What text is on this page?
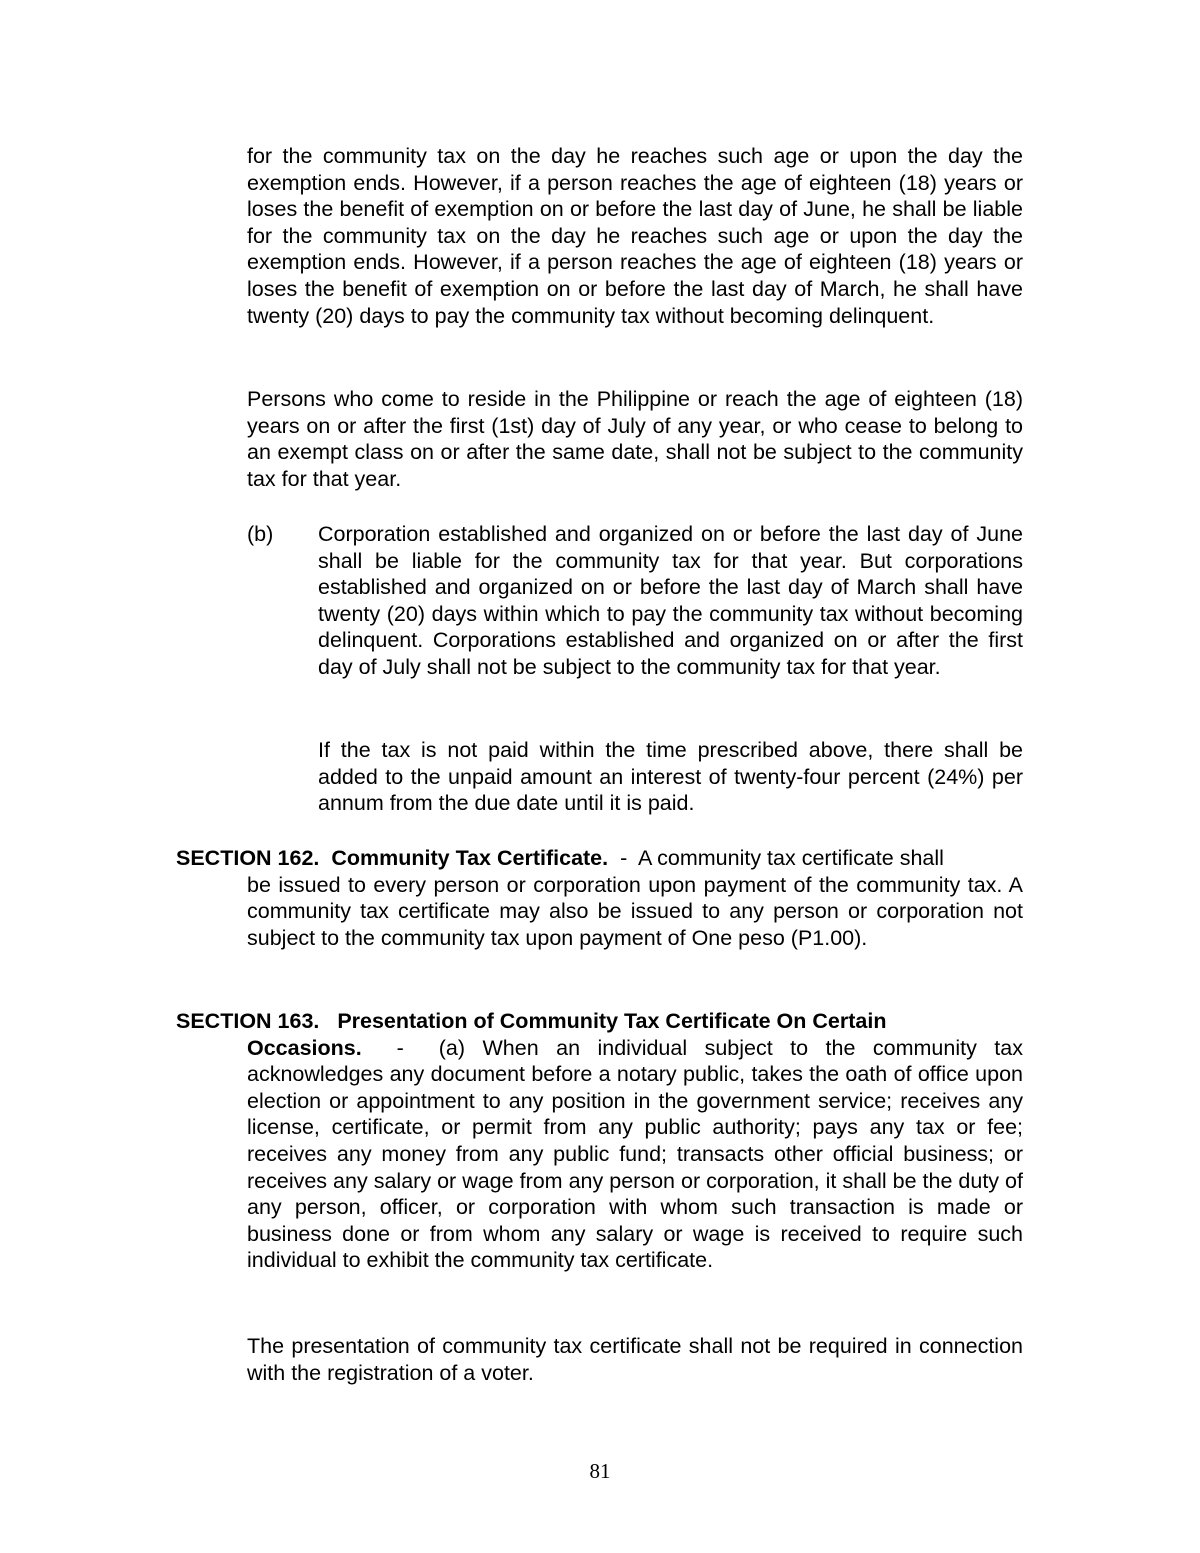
for the community tax on the day he reaches such age or upon the day the exemption ends. However, if a person reaches the age of eighteen (18) years or loses the benefit of exemption on or before the last day of June, he shall be liable for the community tax on the day he reaches such age or upon the day the exemption ends. However, if a person reaches the age of eighteen (18) years or loses the benefit of exemption on or before the last day of March, he shall have twenty (20) days to pay the community tax without becoming delinquent.

Persons who come to reside in the Philippine or reach the age of eighteen (18) years on or after the first (1st) day of July of any year, or who cease to belong to an exempt class on or after the same date, shall not be subject to the community tax for that year.

(b) Corporation established and organized on or before the last day of June shall be liable for the community tax for that year. But corporations established and organized on or before the last day of March shall have twenty (20) days within which to pay the community tax without becoming delinquent. Corporations established and organized on or after the first day of July shall not be subject to the community tax for that year.

If the tax is not paid within the time prescribed above, there shall be added to the unpaid amount an interest of twenty-four percent (24%) per annum from the due date until it is paid.

SECTION 162. Community Tax Certificate. - A community tax certificate shall

be issued to every person or corporation upon payment of the community tax. A community tax certificate may also be issued to any person or corporation not subject to the community tax upon payment of One peso (P1.00).

SECTION 163. Presentation of Community Tax Certificate On Certain

Occasions. - (a) When an individual subject to the community tax acknowledges any document before a notary public, takes the oath of office upon election or appointment to any position in the government service; receives any license, certificate, or permit from any public authority; pays any tax or fee; receives any money from any public fund; transacts other official business; or receives any salary or wage from any person or corporation, it shall be the duty of any person, officer, or corporation with whom such transaction is made or business done or from whom any salary or wage is received to require such individual to exhibit the community tax certificate.

The presentation of community tax certificate shall not be required in connection with the registration of a voter.

81
